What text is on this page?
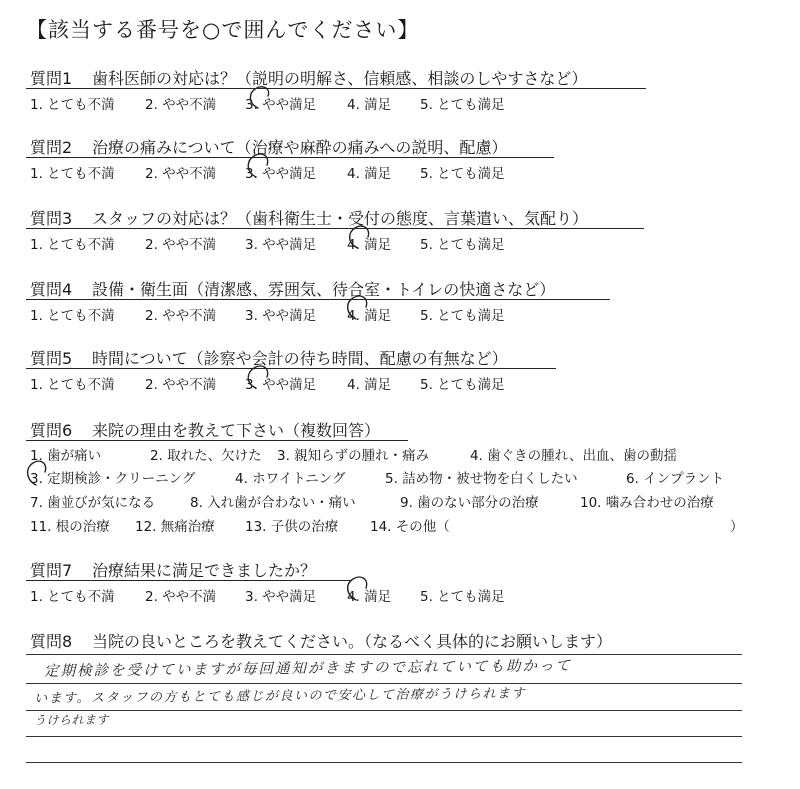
【該当する番号を○で囲んでください】
質問1 歯科医師の対応は？（説明の明解さ、信頼感、相談のしやすさなど）
1. とても不満 2. やや不満 3. やや満足 4. 満足 5. とても満足
質問2 治療の痛みについて（治療や麻酔の痛みへの説明、配慮）
1. とても不満 2. やや不満 3. やや満足 4. 満足 5. とても満足
質問3 スタッフの対応は？（歯科衛生士・受付の態度、言葉遣い、気配り）
1. とても不満 2. やや不満 3. やや満足 4. 満足 5. とても満足
質問4 設備・衛生面（清潔感、雰囲気、待合室・トイレの快適さなど）
1. とても不満 2. やや不満 3. やや満足 4. 満足 5. とても満足
質問5 時間について（診察や会計の待ち時間、配慮の有無など）
1. とても不満 2. やや不満 3. やや満足 4. 満足 5. とても満足
質問6 来院の理由を教えて下さい（複数回答）
1. 歯が痛い	2. 取れた、欠けた 3. 親知らずの腫れ・痛み	4. 歯ぐきの腫れ、出血、歯の動揺
3. 定期検診・クリーニング	4. ホワイトニング	5. 詰め物・被せ物を白くしたい	6. インプラント
7. 歯並びが気になる	8. 入れ歯が合わない・痛い	9. 歯のない部分の治療	10. 噛み合わせの治療
11. 根の治療 12. 無痛治療 13. 子供の治療 14. その他（	）
質問7 治療結果に満足できましたか？
1. とても不満 2. やや不満 3. やや満足 4. 満足 5. とても満足
質問8 当院の良いところを教えてください。（なるべく具体的にお願いします）
定期検診を受けていますが毎回通知がきますので忘れていても助かって
います。スタッフの方もとても感じが良いので安心して治療がうけられます
うけられます
